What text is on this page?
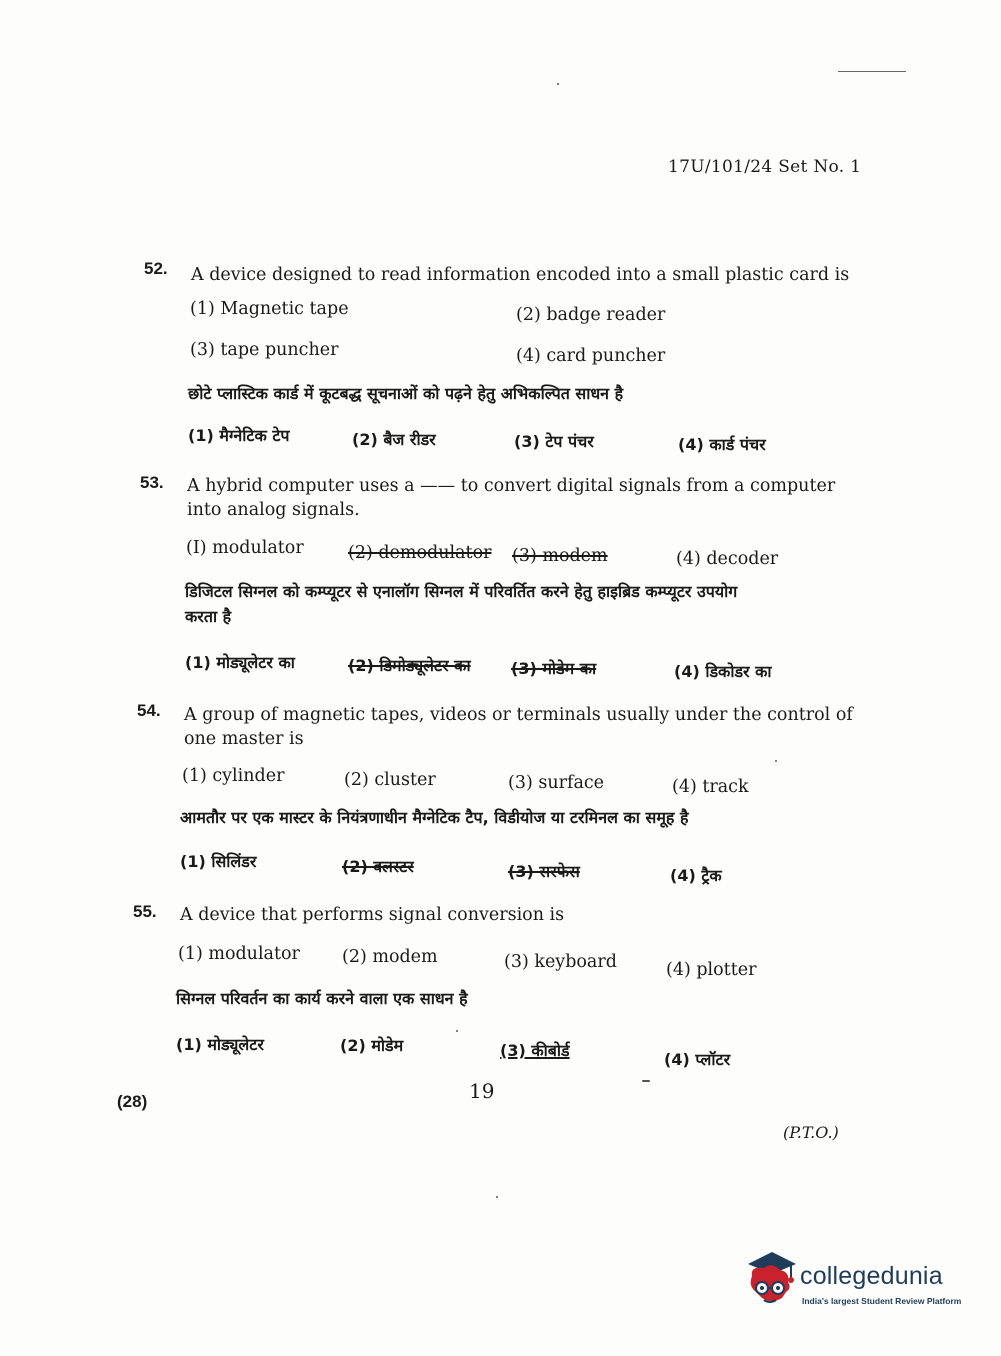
17U/101/24 Set No. 1
52. A device designed to read information encoded into a small plastic card is
(1) Magnetic tape	(2) badge reader
(3) tape puncher	(4) card puncher
छोटे प्लास्टिक कार्ड में कूटबद्ध सूचनाओं को पढ़ने हेतु अभिकल्पित साधन है
(1) मैग्नेटिक टेप	(2) बैज रीडर	(3) टेप पंचर	(4) कार्ड पंचर
53. A hybrid computer uses a —— to convert digital signals from a computer into analog signals.
(I) modulator	(2) demodulator (3) modem	(4) decoder
डिजिटल सिग्नल को कम्प्यूटर से एनालॉग सिग्नल में परिवर्तित करने हेतु हाइब्रिड कम्प्यूटर उपयोग
करता है
(1) मोड्यूलेटर का	(2) डिमोड्यूलेटर का	(3) मोडेम का	(4) डिकोडर का
54. A group of magnetic tapes, videos or terminals usually under the control of one master is
(1) cylinder	(2) cluster	(3) surface	(4) track
आमतौर पर एक मास्टर के नियंत्रणाधीन मैग्नेटिक टैप, विडीयोज या टरमिनल का समूह है
(1) सिलिंडर	(2) क्लस्टर	(3) सरफेस	(4) ट्रैक
55. A device that performs signal conversion is
(1) modulator (2) modem	(3) keyboard	(4) plotter
सिग्नल परिवर्तन का कार्य करने वाला एक साधन है
(1) मोड्यूलेटर	(2) मोडेम	(3) कीबोर्ड	(4) प्लॉटर
(28)	19
(P.T.O.)
collegedunia
India's largest Student Review Platform
